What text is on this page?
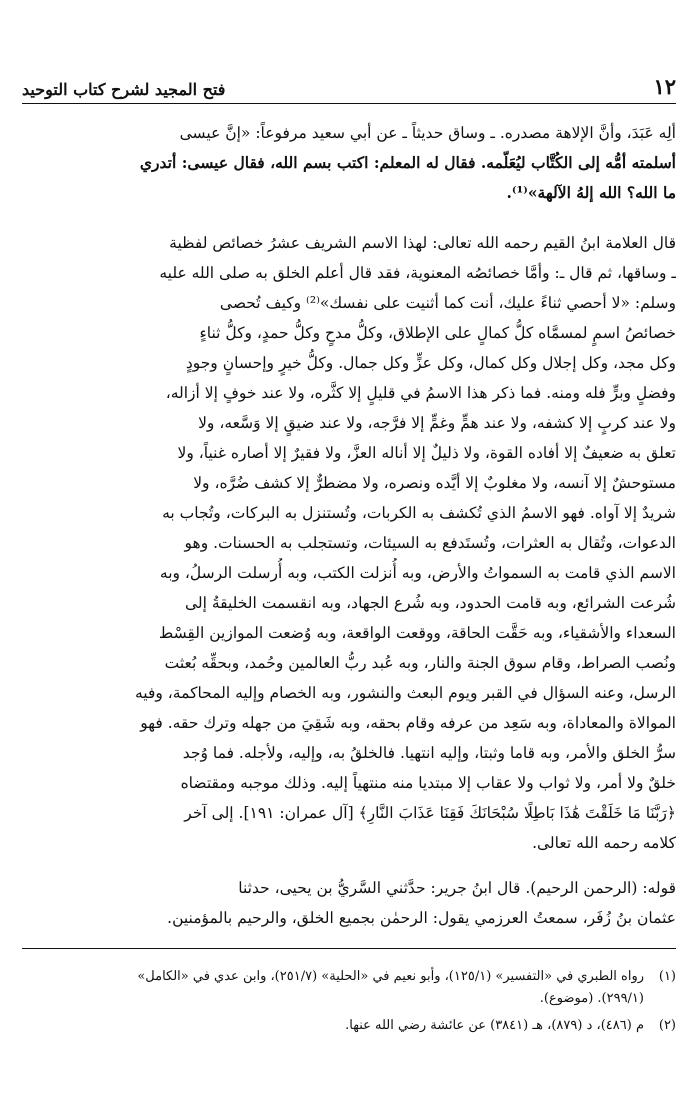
١٢
فتح المجيد لشرح كتاب التوحيد
ألِه عَبَدَ، وأنَّ الإلاهة مصدره. ـ وساق حديثاً ـ عن أبي سعيد مرفوعاً: «إنَّ عيسى
أسلمته أمُّه إلى الكُتَّاب ليُعَلّمه. فقال له المعلم: اكتب بسم الله، فقال عيسى: أتدري
ما الله؟ الله إلهُ الآلهة»⁽¹⁾.
قال العلامة ابنُ القيم رحمه الله تعالى: لهذا الاسم الشريف عشرُ خصائص لفظية
ـ وساقها، ثم قال ـ: وأمَّا خصائصُه المعنوية، فقد قال أعلم الخلق به صلى الله عليه
وسلم: «لا أحصي ثناءً عليك، أنت كما أثنيت على نفسك»⁽²⁾ وكيف تُحصى
خصائصُ اسمٍ لمسمَّاه كلُّ كمالٍ على الإطلاق، وكلُّ مدحٍ وكلُّ حمدٍ، وكلُّ ثناءٍ
وكل مجد، وكل إجلال وكل كمال، وكل عزٍّ وكل جمال. وكلُّ خيرٍ وإحسانٍ وجودٍ
وفضلٍ وبرٍّ فله ومنه. فما ذكر هذا الاسمُ في قليلٍ إلا كثَّره، ولا عند خوفٍ إلا أزاله،
ولا عند كربٍ إلا كشفه، ولا عند همٍّ وغمٍّ إلا فرَّجه، ولا عند ضيقٍ إلا وَسَّعه، ولا
تعلق به ضعيفٌ إلا أفاده القوة، ولا ذليلٌ إلا أناله العزَّ، ولا فقيرٌ إلا أصاره غنياً، ولا
مستوحشٌ إلا آنسه، ولا مغلوبٌ إلا أيَّده ونصره، ولا مضطرٌّ إلا كشف ضُرَّه، ولا
شريدٌ إلا آواه. فهو الاسمُ الذي تُكشف به الكربات، وتُستنزل به البركات، وتُجاب به
الدعوات، وتُقال به العثرات، وتُستَدفع به السيئات، وتستجلب به الحسنات. وهو
الاسم الذي قامت به السمواتُ والأرض، وبه أُنزلت الكتب، وبه أُرسلت الرسلُ، وبه
شُرعت الشرائع، وبه قامت الحدود، وبه شُرع الجهاد، وبه انقسمت الخليقةُ إلى
السعداء والأشقياء، وبه حَقَّت الحاقة، ووقعت الواقعة، وبه وُضعت الموازين القِسْط
ونُصب الصراط، وقام سوق الجنة والنار، وبه عُبد ربُّ العالمين وحُمد، وبحقِّه بُعثت
الرسل، وعنه السؤال في القبر ويوم البعث والنشور، وبه الخصام وإليه المحاكمة، وفيه
الموالاة والمعاداة، وبه سَعِد من عرفه وقام بحقه، وبه شَقِيَ من جهله وترك حقه. فهو
سرُّ الخلق والأمر، وبه قاما وثبتا، وإليه انتهيا. فالخلقُ به، وإليه، ولأجله. فما وُجد
خلقٌ ولا أمر، ولا ثواب ولا عقاب إلا مبتديا منه منتهياً إليه. وذلك موجبه ومقتضاه
﴿رَبَّنَا مَا خَلَقْتَ هَٰذَا بَاطِلًا سُبْحَانَكَ فَقِنَا عَذَابَ النَّارِ﴾ [آل عمران: ١٩١]. إلى آخر
كلامه رحمه الله تعالى.
قوله: (الرحمن الرحيم). قال ابنُ جرير: حدَّثني السَّريُّ بن يحيى، حدثنا
عثمان بنُ زُفَر، سمعتُ العرزمي يقول: الرحمٰن بجميع الخلق، والرحيم بالمؤمنين.
(١)رواه الطبري في «التفسير» (١٢٥/١)، وأبو نعيم في «الحلية» (٢٥١/٧)، وابن عدي في «الكامل»
(٢٩٩/١). (موضوع).
(٢)م (٤٨٦)، د (٨٧٩)، هـ (٣٨٤١) عن عائشة رضي الله عنها.
